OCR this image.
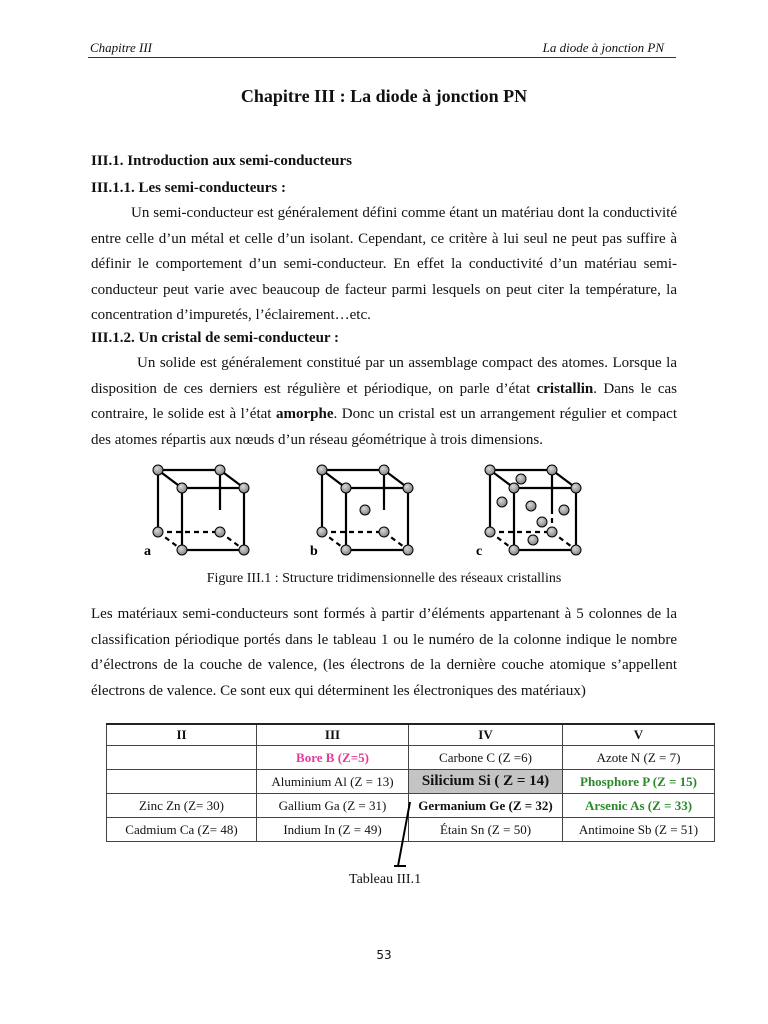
Chapitre III	La diode à jonction PN
Chapitre III : La diode à jonction PN
III.1. Introduction aux semi-conducteurs
III.1.1. Les semi-conducteurs :
Un semi-conducteur est généralement défini comme étant un matériau dont la conductivité entre celle d’un métal et celle d’un isolant. Cependant, ce critère à lui seul ne peut pas suffire à définir le comportement d’un semi-conducteur. En effet la conductivité d’un matériau semi-conducteur peut varie avec beaucoup de facteur parmi lesquels on peut citer la température, la concentration d’impuretés, l’éclairement…etc.
III.1.2. Un cristal de semi-conducteur :
Un solide est généralement constitué par un assemblage compact des atomes. Lorsque la disposition de ces derniers est régulière et périodique, on parle d’état cristallin. Dans le cas contraire, le solide est à l’état amorphe. Donc un cristal est un arrangement régulier et compact des atomes répartis aux nœuds d’un réseau géométrique à trois dimensions.
a	b	c
Figure III.1 : Structure tridimensionnelle des réseaux cristallins
Les matériaux semi-conducteurs sont formés à partir d’éléments appartenant à 5 colonnes de la classification périodique portés dans le tableau 1 ou le numéro de la colonne indique le nombre d’électrons de la couche de valence, (les électrons de la dernière couche atomique s’appellent électrons de valence. Ce sont eux qui déterminent les électroniques des matériaux)
II	III	IV	V
	Bore B (Z=5)	Carbone C (Z =6)	Azote N (Z = 7)
	Aluminium Al (Z = 13)	Silicium Si ( Z = 14)	Phosphore P (Z = 15)
Zinc Zn (Z= 30)	Gallium Ga (Z = 31)	Germanium Ge (Z = 32)	Arsenic As (Z = 33)
Cadmium Ca (Z= 48)	Indium In (Z = 49)	Étain Sn (Z = 50)	Antimoine Sb (Z = 51)
Tableau III.1
53
